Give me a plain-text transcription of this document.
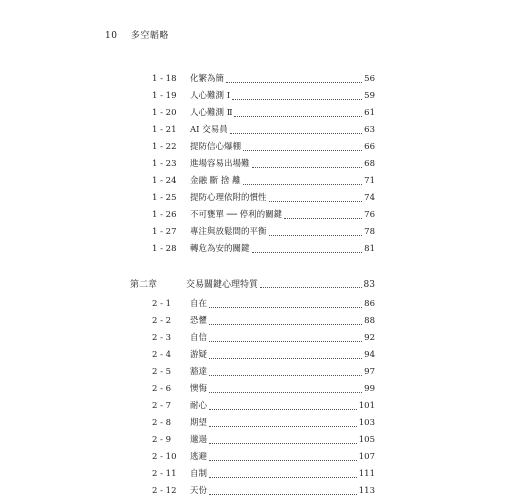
10 多空韜略
1 - 18	化繁為簡	56
1 - 19	人心難測 Ⅰ	59
1 - 20	人心難測 Ⅱ	61
1 - 21	AI 交易員	63
1 - 22	提防信心爆棚	66
1 - 23	進場容易出場難	68
1 - 24	金融 斷 捨 離	71
1 - 25	提防心理依附的慣性	74
1 - 26	不可甕單 ── 停利的關鍵	76
1 - 27	專注與放鬆間的平衡	78
1 - 28	轉危為安的關鍵	81
第二章	交易關鍵心理特質	83
2 - 1	自在	86
2 - 2	恐懼	88
2 - 3	自信	92
2 - 4	游疑	94
2 - 5	豁達	97
2 - 6	懊悔	99
2 - 7	耐心	101
2 - 8	期望	103
2 - 9	邋遢	105
2 - 10	逃避	107
2 - 11	自制	111
2 - 12	天份	113
